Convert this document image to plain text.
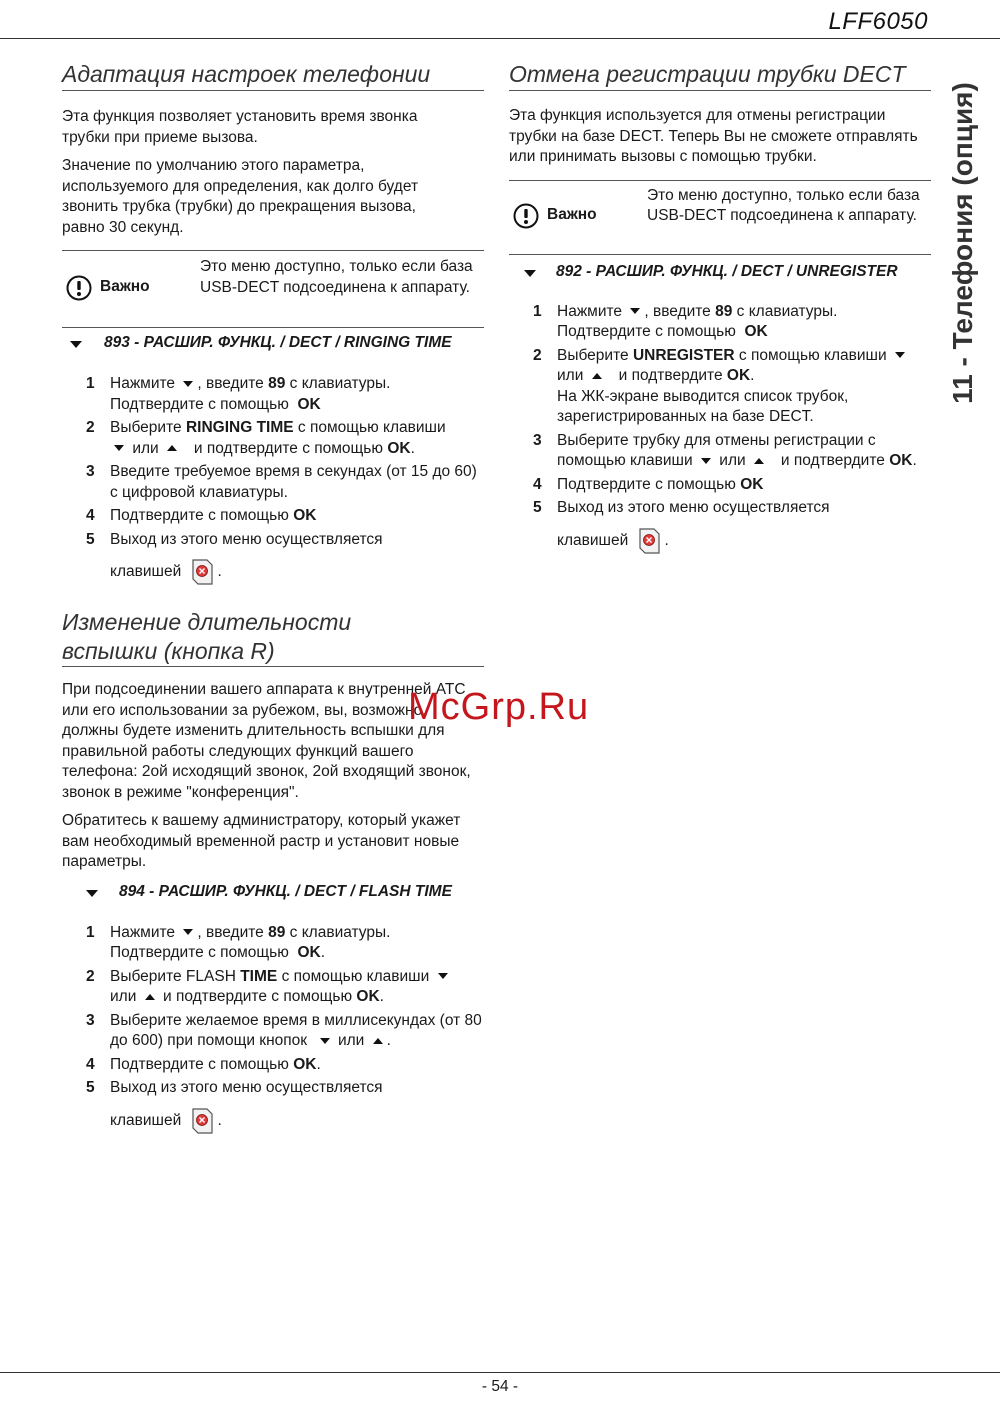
LFF6050
11 - Телефония (опция)
Адаптация настроек телефонии

Эта функция позволяет установить время звонка трубки при приеме вызова.

Значение по умолчанию этого параметра, используемого для определения, как долго будет звонить трубка (трубки) до прекращения вызова, равно 30 секунд.

Важно
Это меню доступно, только если база USB-DECT подсоединена к аппарату.
893 - РАСШИР. ФУНКЦ. / DECT / RINGING TIME
1 Нажмите , введите 89 с клавиатуры.
Подтвердите с помощью OK
2 Выберите RINGING TIME с помощью клавиши
или и подтвердите с помощью OK.
3 Введите требуемое время в секундах (от 15 до 60) с цифровой клавиатуры.
4 Подтвердите с помощью OK
5 Выход из этого меню осуществляется
клавишей .
Изменение длительности вспышки (кнопка R)

При подсоединении вашего аппарата к внутренней АТС или его использовании за рубежом, вы, возможно, должны будете изменить длительность вспышки для правильной работы следующих функций вашего телефона: 2ой исходящий звонок, 2ой входящий звонок, звонок в режиме "конференция".

Обратитесь к вашему администратору, который укажет вам необходимый временной растр и установит новые параметры.

894 - РАСШИР. ФУНКЦ. / DECT / FLASH TIME
1 Нажмите , введите 89 с клавиатуры.
Подтвердите с помощью OK.
2 Выберите FLASH TIME с помощью клавиши
или и подтвердите с помощью OK.
3 Выберите желаемое время в миллисекундах (от 80 до 600) при помощи кнопок или .
4 Подтвердите с помощью OK.
5 Выход из этого меню осуществляется
клавишей .
Отмена регистрации трубки DECT

Эта функция используется для отмены регистрации трубки на базе DECT. Теперь Вы не сможете отправлять или принимать вызовы с помощью трубки.

Важно
Это меню доступно, только если база USB-DECT подсоединена к аппарату.
892 - РАСШИР. ФУНКЦ. / DECT / UNREGISTER
1 Нажмите , введите 89 с клавиатуры.
Подтвердите с помощью OK
2 Выберите UNREGISTER с помощью клавиши
или и подтвердите OK.
На ЖК-экране выводится список трубок, зарегистрированных на базе DECT.
3 Выберите трубку для отмены регистрации с помощью клавиши или и подтвердите OK.
4 Подтвердите с помощью OK
5 Выход из этого меню осуществляется
клавишей .
McGrp.Ru
- 54 -
